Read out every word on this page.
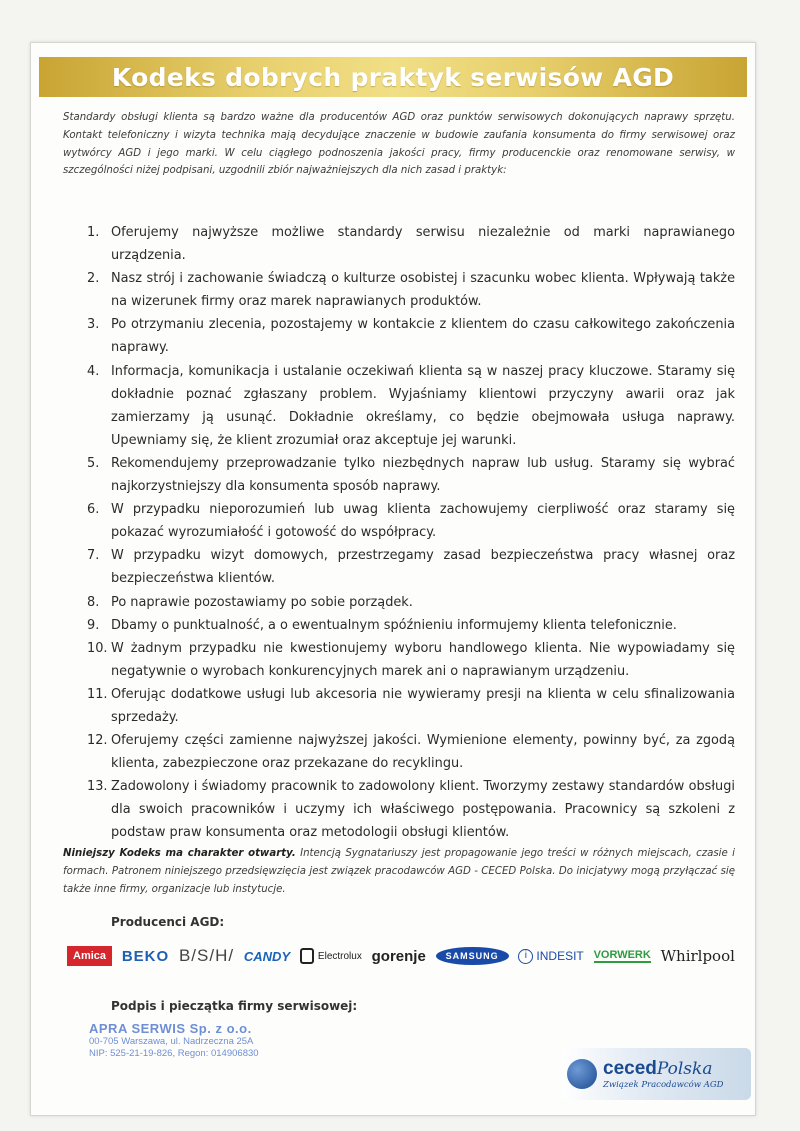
Kodeks dobrych praktyk serwisów AGD

Standardy obsługi klienta są bardzo ważne dla producentów AGD oraz punktów serwisowych dokonujących naprawy sprzętu. Kontakt telefoniczny i wizyta technika mają decydujące znaczenie w budowie zaufania konsumenta do firmy serwisowej oraz wytwórcy AGD i jego marki. W celu ciągłego podnoszenia jakości pracy, firmy producenckie oraz renomowane serwisy, w szczególności niżej podpisani, uzgodnili zbiór najważniejszych dla nich zasad i praktyk:

1. Oferujemy najwyższe możliwe standardy serwisu niezależnie od marki naprawianego urządzenia.
2. Nasz strój i zachowanie świadczą o kulturze osobistej i szacunku wobec klienta. Wpływają także na wizerunek firmy oraz marek naprawianych produktów.
3. Po otrzymaniu zlecenia, pozostajemy w kontakcie z klientem do czasu całkowitego zakończenia naprawy.
4. Informacja, komunikacja i ustalanie oczekiwań klienta są w naszej pracy kluczowe. Staramy się dokładnie poznać zgłaszany problem. Wyjaśniamy klientowi przyczyny awarii oraz jak zamierzamy ją usunąć. Dokładnie określamy, co będzie obejmowała usługa naprawy. Upewniamy się, że klient zrozumiał oraz akceptuje jej warunki.
5. Rekomendujemy przeprowadzanie tylko niezbędnych napraw lub usług. Staramy się wybrać najkorzystniejszy dla konsumenta sposób naprawy.
6. W przypadku nieporozumień lub uwag klienta zachowujemy cierpliwość oraz staramy się pokazać wyrozumiałość i gotowość do współpracy.
7. W przypadku wizyt domowych, przestrzegamy zasad bezpieczeństwa pracy własnej oraz bezpieczeństwa klientów.
8. Po naprawie pozostawiamy po sobie porządek.
9. Dbamy o punktualność, a o ewentualnym spóźnieniu informujemy klienta telefonicznie.
10. W żadnym przypadku nie kwestionujemy wyboru handlowego klienta. Nie wypowiadamy się negatywnie o wyrobach konkurencyjnych marek ani o naprawianym urządzeniu.
11. Oferując dodatkowe usługi lub akcesoria nie wywieramy presji na klienta w celu sfinalizowania sprzedaży.
12. Oferujemy części zamienne najwyższej jakości. Wymienione elementy, powinny być, za zgodą klienta, zabezpieczone oraz przekazane do recyklingu.
13. Zadowolony i świadomy pracownik to zadowolony klient. Tworzymy zestawy standardów obsługi dla swoich pracowników i uczymy ich właściwego postępowania. Pracownicy są szkoleni z podstaw praw konsumenta oraz metodologii obsługi klientów.

Niniejszy Kodeks ma charakter otwarty. Intencją Sygnatariuszy jest propagowanie jego treści w różnych miejscach, czasie i formach. Patronem niniejszego przedsięwzięcia jest związek pracodawców AGD - CECED Polska. Do inicjatywy mogą przyłączać się także inne firmy, organizacje lub instytucje.

Producenci AGD:
Amica	BEKO B/S/H/ CANDY	Electrolux gorenje	SAMSUNG	i INDESIT VORWERK Whirlpool
Podpis i pieczątka firmy serwisowej:
APRA SERWIS Sp. z o.o.
00-705 Warszawa, ul. Nadrzeczna 25A
NIP: 525-21-19-826, Regon: 014906830
cecedPolska
Związek Pracodawców AGD
